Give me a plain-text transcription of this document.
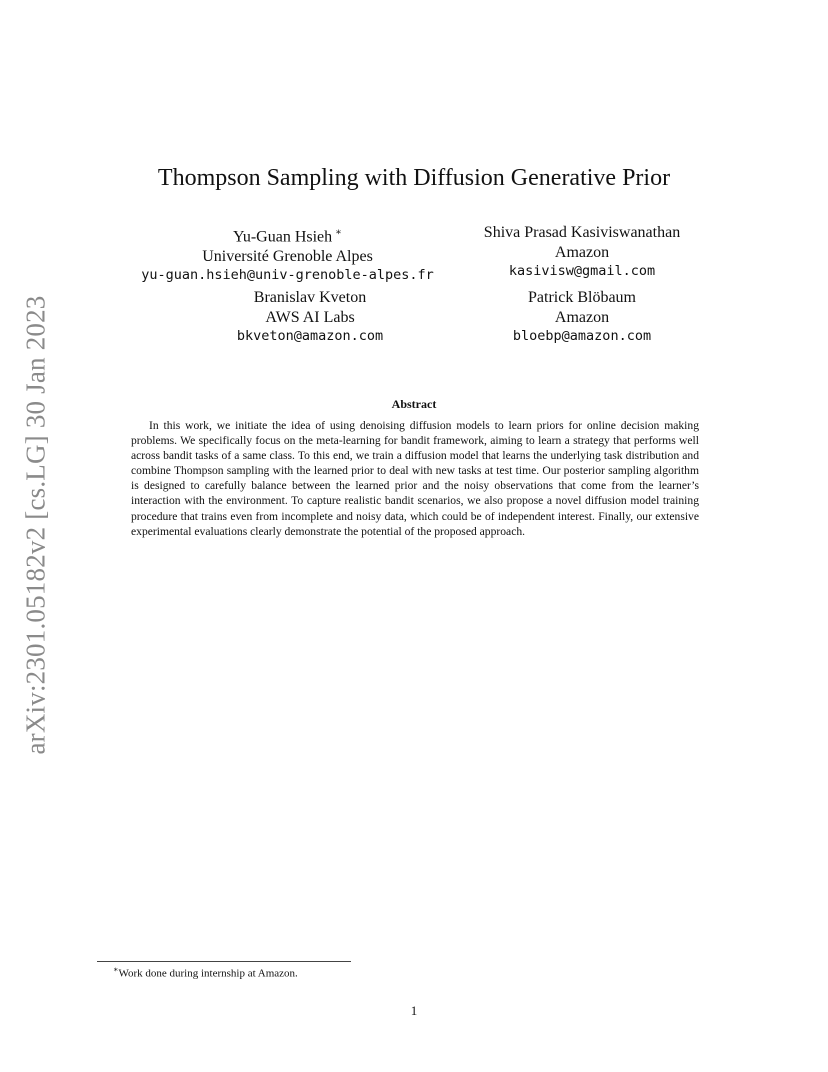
arXiv:2301.05182v2 [cs.LG] 30 Jan 2023
Thompson Sampling with Diffusion Generative Prior
Yu-Guan Hsieh ∗
Université Grenoble Alpes
yu-guan.hsieh@univ-grenoble-alpes.fr
Shiva Prasad Kasiviswanathan
Amazon
kasivisw@gmail.com
Branislav Kveton
AWS AI Labs
bkveton@amazon.com
Patrick Blöbaum
Amazon
bloebp@amazon.com
Abstract
In this work, we initiate the idea of using denoising diffusion models to learn priors for online decision making problems. We specifically focus on the meta-learning for bandit framework, aiming to learn a strategy that performs well across bandit tasks of a same class. To this end, we train a diffusion model that learns the underlying task distribution and combine Thompson sampling with the learned prior to deal with new tasks at test time. Our posterior sampling algorithm is designed to carefully balance between the learned prior and the noisy observations that come from the learner’s interaction with the environment. To capture realistic bandit scenarios, we also propose a novel diffusion model training procedure that trains even from incomplete and noisy data, which could be of independent interest. Finally, our extensive experimental evaluations clearly demonstrate the potential of the proposed approach.
∗Work done during internship at Amazon.
1
